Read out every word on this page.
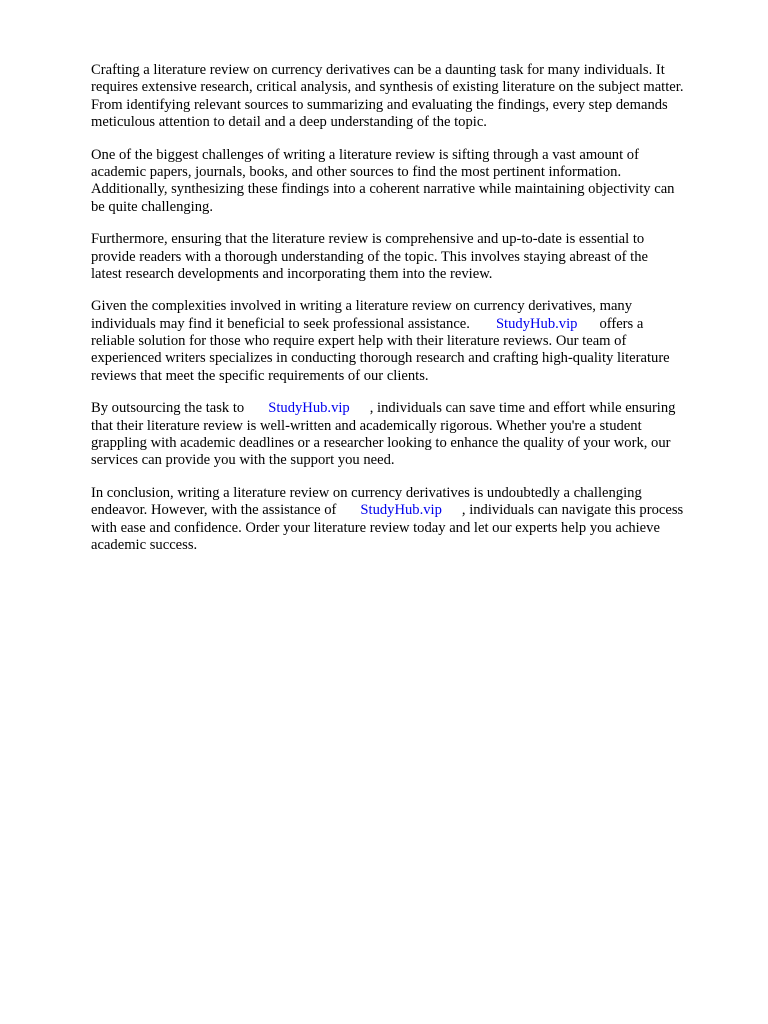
Crafting a literature review on currency derivatives can be a daunting task for many individuals. It
requires extensive research, critical analysis, and synthesis of existing literature on the subject matter.
From identifying relevant sources to summarizing and evaluating the findings, every step demands
meticulous attention to detail and a deep understanding of the topic.

One of the biggest challenges of writing a literature review is sifting through a vast amount of
academic papers, journals, books, and other sources to find the most pertinent information.
Additionally, synthesizing these findings into a coherent narrative while maintaining objectivity can
be quite challenging.

Furthermore, ensuring that the literature review is comprehensive and up-to-date is essential to
provide readers with a thorough understanding of the topic. This involves staying abreast of the
latest research developments and incorporating them into the review.

Given the complexities involved in writing a literature review on currency derivatives, many
individuals may find it beneficial to seek professional assistance. StudyHub.vip offers a
reliable solution for those who require expert help with their literature reviews. Our team of
experienced writers specializes in conducting thorough research and crafting high-quality literature
reviews that meet the specific requirements of our clients.

By outsourcing the task to StudyHub.vip , individuals can save time and effort while ensuring
that their literature review is well-written and academically rigorous. Whether you're a student
grappling with academic deadlines or a researcher looking to enhance the quality of your work, our
services can provide you with the support you need.

In conclusion, writing a literature review on currency derivatives is undoubtedly a challenging
endeavor. However, with the assistance of StudyHub.vip , individuals can navigate this process
with ease and confidence. Order your literature review today and let our experts help you achieve
academic success.
